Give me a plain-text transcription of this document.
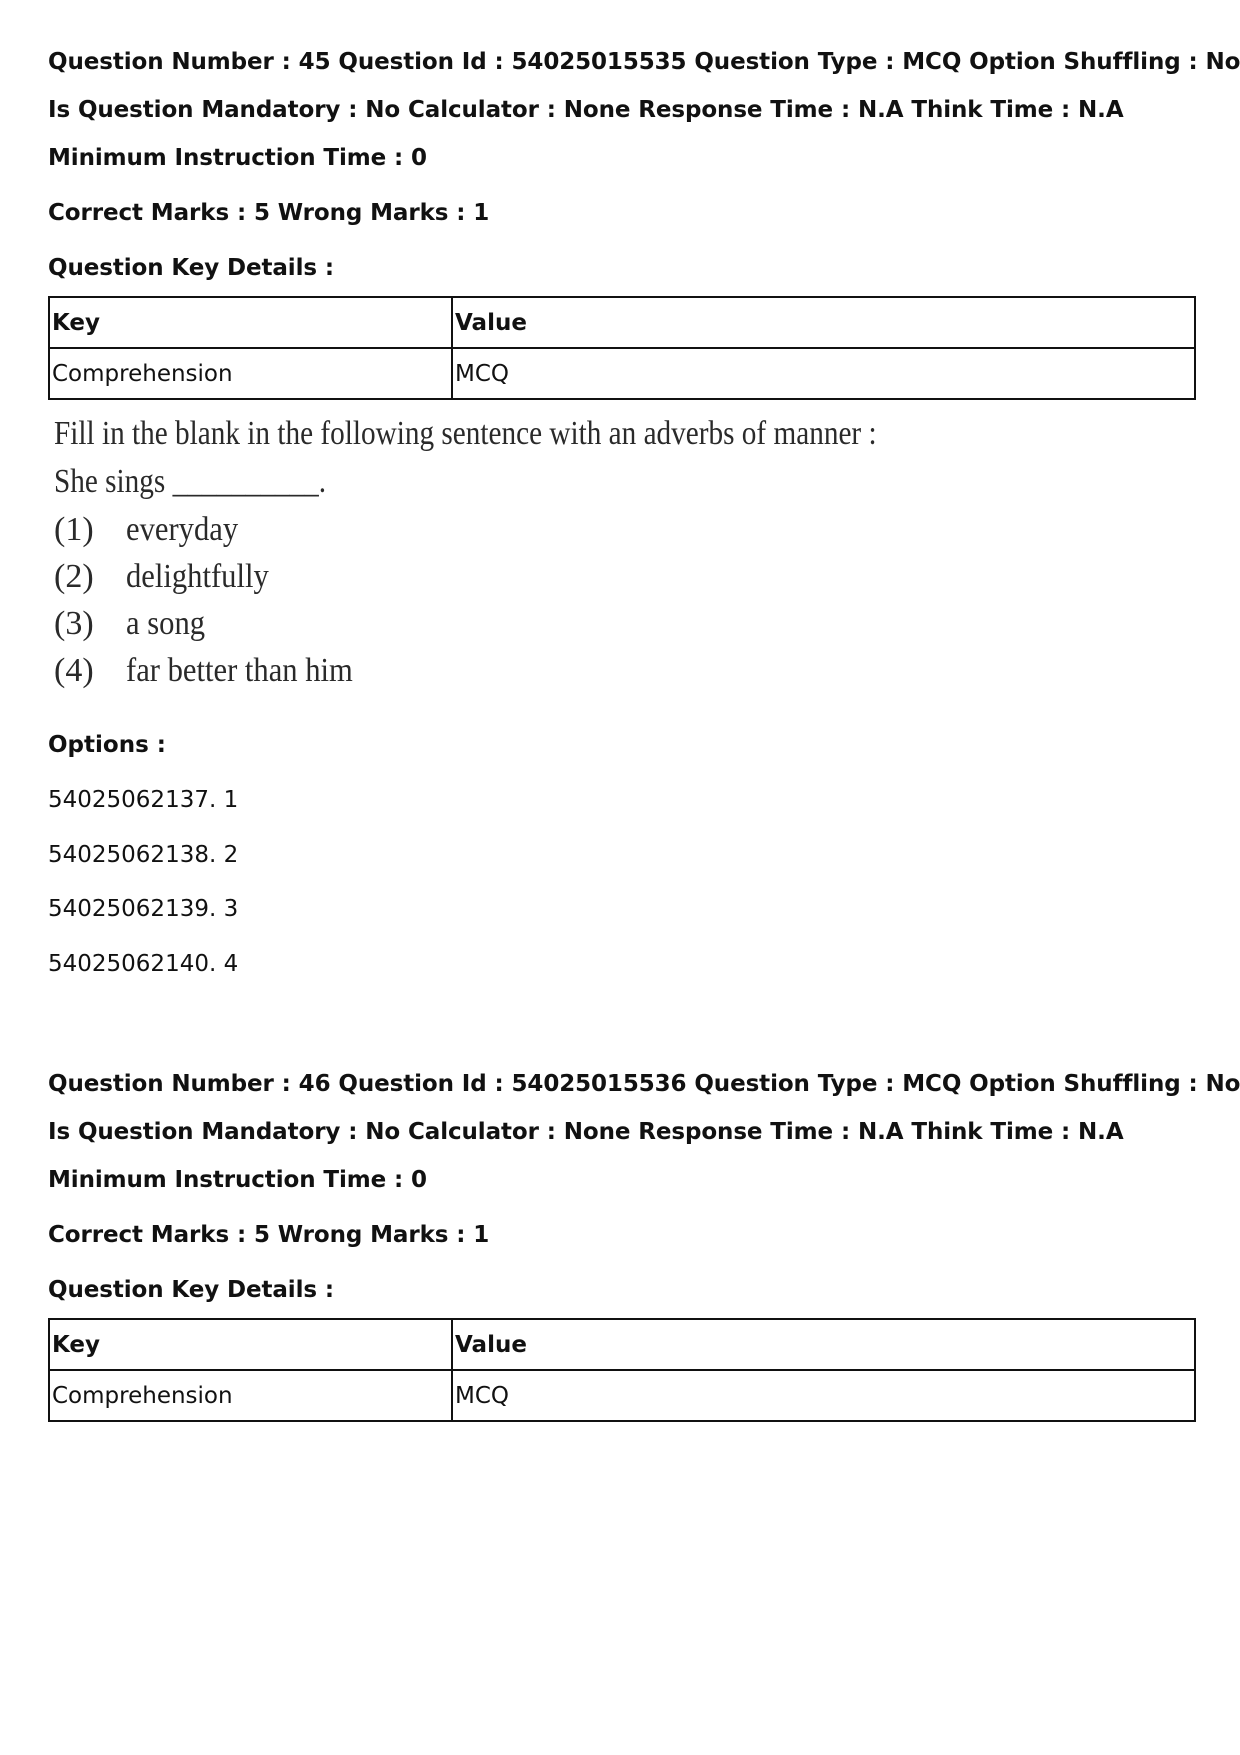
Question Number : 45 Question Id : 54025015535 Question Type : MCQ Option Shuffling : No
Is Question Mandatory : No Calculator : None Response Time : N.A Think Time : N.A
Minimum Instruction Time : 0
Correct Marks : 5 Wrong Marks : 1
Question Key Details :
Key	Value
Comprehension	MCQ
Fill in the blank in the following sentence with an adverbs of manner :
She sings __________.
(1) everyday
(2) delightfully
(3) a song
(4) far better than him
Options :
54025062137. 1
54025062138. 2
54025062139. 3
54025062140. 4
Question Number : 46 Question Id : 54025015536 Question Type : MCQ Option Shuffling : No
Is Question Mandatory : No Calculator : None Response Time : N.A Think Time : N.A
Minimum Instruction Time : 0
Correct Marks : 5 Wrong Marks : 1
Question Key Details :
Key	Value
Comprehension	MCQ
